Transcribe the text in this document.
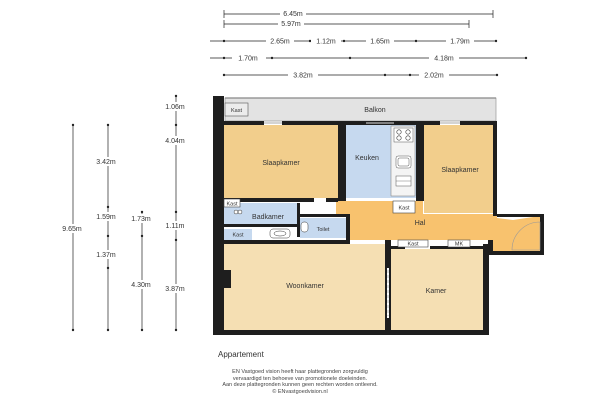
6.45m
5.97m
2.65m	1.12m	1.65m	1.79m
1.70m	4.18m
3.82m	2.02m
1.06m
4.04m
1.11m
3.87m
1.73m
4.30m
3.42m
1.59m
1.37m
9.65m
Kast	Balkon
Slaapkamer
Keuken
Slaapkamer
Kast
Badkamer
Kast
Hal
Kast
Toilet
Kast	MK
Woonkamer
Kamer
Appartement
EN Vastgoed vision heeft haar plattegronden zorgvuldig
vervaardigd ten behoeve van promotionele doeleinden.
Aan deze plattegronden kunnen geen rechten worden ontleend.
© ENvastgoedvision.nl
